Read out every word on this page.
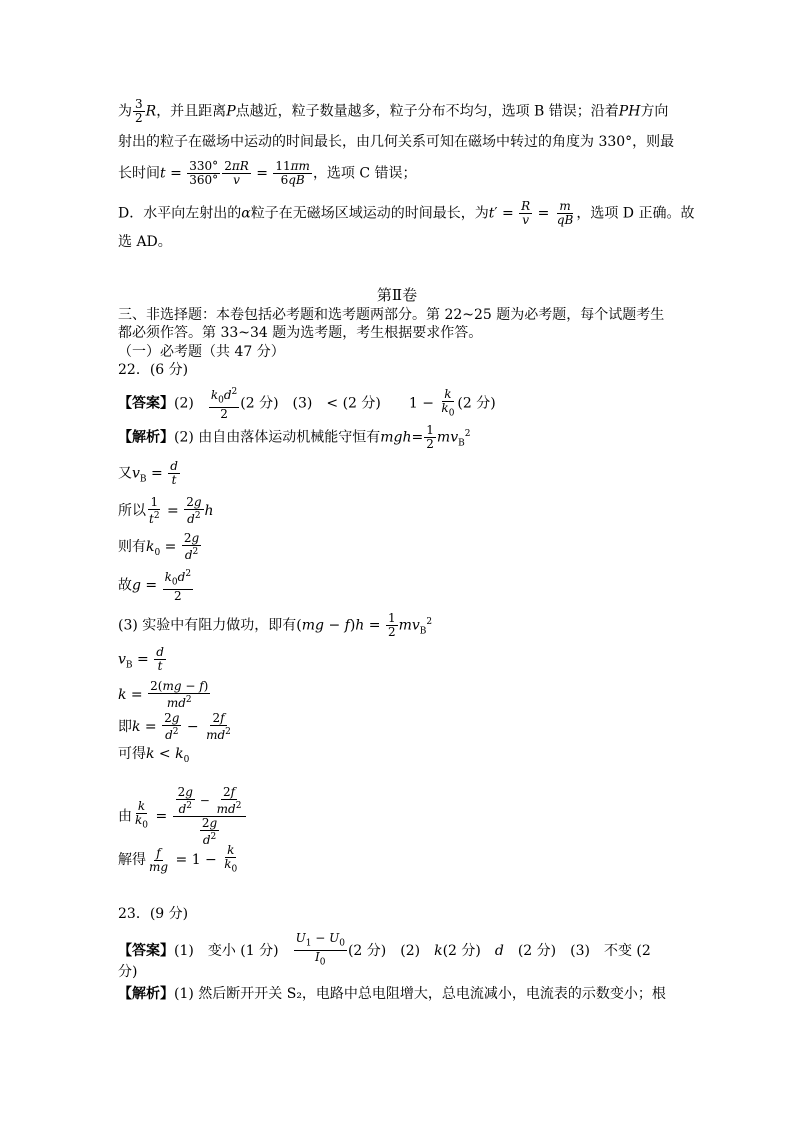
为 $\frac{3}{2}$ R，并且距离P点越近，粒子数量越多，粒子分布不均匀，选项 B 错误；沿着PH方向
射出的粒子在磁场中运动的时间最长，由几何关系可知在磁场中转过的角度为 330°，则最
长时间$t = \frac{330^\circ}{360^\circ} \frac{2\pi R}{v} = \frac{11\pi m}{6qB}$ ，选项 C 错误；
D．水平向左射出的α粒子在无磁场区域运动的时间最长，为$t' = \frac{R}{v} = \frac{m}{qB}$ ，选项 D 正确。故
选 AD。
第Ⅱ卷
三、非选择题：本卷包括必考题和选考题两部分。第 22~25 题为必考题，每个试题考生都必须作答。第 33~34 题为选考题，考生根据要求作答。
（一）必考题（共 47 分）
22．(6 分)
【答案】(2)　 $\frac{k_0d^2}{2} (2$ 分)　(3)　< (2 分)　　$1 - \frac{k}{k_0} (2$ 分)
【解析】(2) 由自由落体运动机械能守恒有$mgh= \frac{1}{2} mv_B^2$
又$v_B = \frac{d}{t}$
所以 $\frac{1}{t^2} = \frac{2g}{d^2}$ h
则有$k_0 = \frac{2g}{d^2}$
故$g = \frac{k_0d^2}{2}$
(3) 实验中有阻力做功，即有$(mg - f)h = \frac{1}{2} mv_B^2$
$v_B = \frac{d}{t}$
$k = \frac{2(mg - f)}{md^2}$
即$k = \frac{2g}{d^2} - \frac{2f}{md^2}$
可得$k < k_0$
由 $\frac{k}{k_0} = \frac{\frac{2g}{d^2} - \frac{2f}{md^2}}{\frac{2g}{d^2}}$
解得 $\frac{f}{mg} = 1 - \frac{k}{k_0}$
23．(9 分)
【答案】(1)　变小 (1 分)　 $\frac{U_1 - U_0}{I_0} (2$ 分)　(2)　 k(2 分)　 d　 (2 分)　(3)　不变 (2
分)
【解析】(1) 然后断开开关 S₂，电路中总电阻增大，总电流减小，电流表的示数变小；根
